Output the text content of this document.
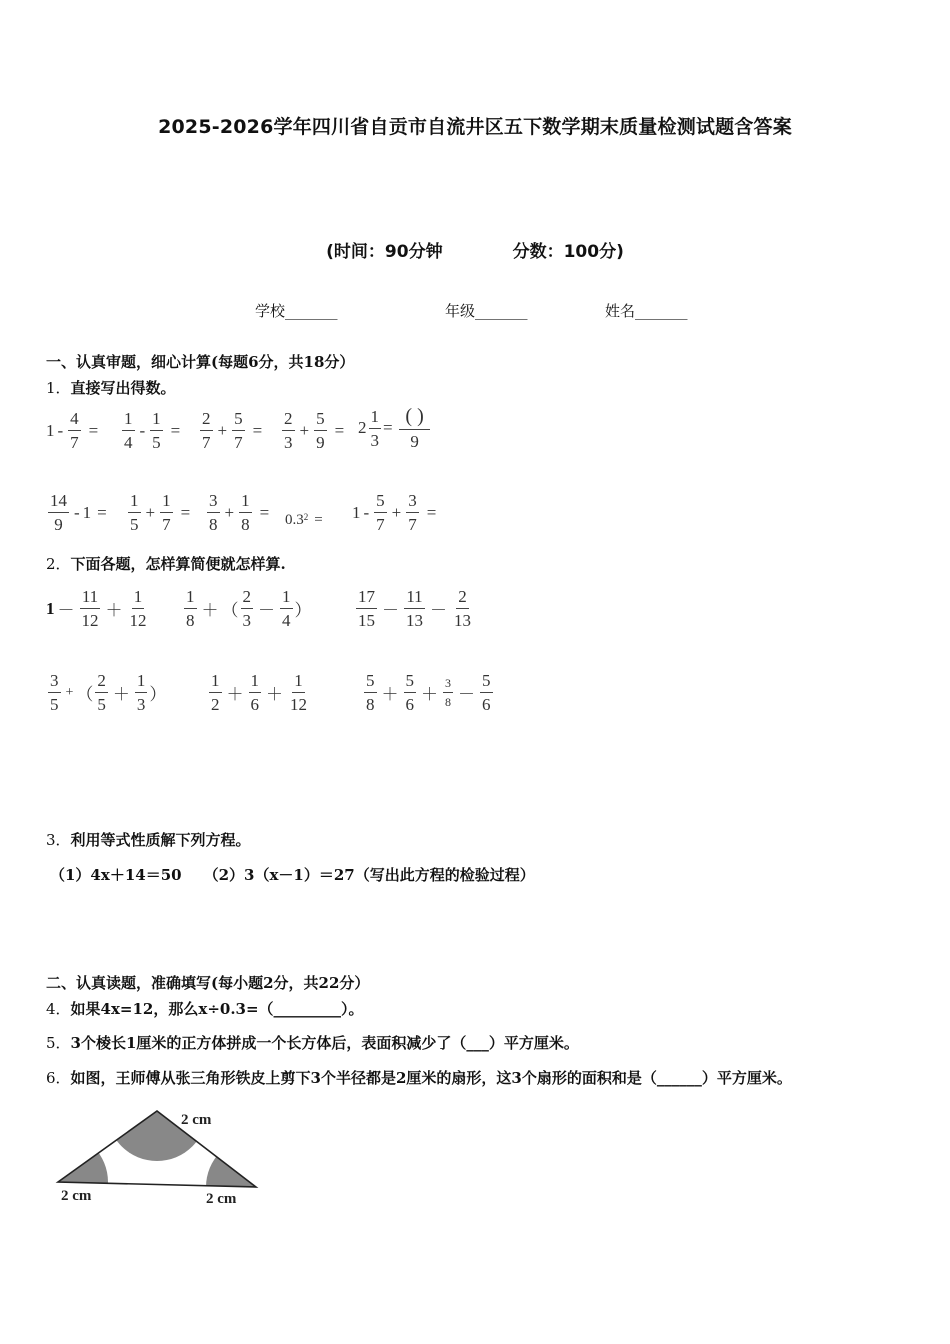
2025-2026学年四川省自贡市自流井区五下数学期末质量检测试题含答案
(时间：90分钟	分数：100分)
学校_______	年级_______	姓名_______
一、认真审题，细心计算(每题6分，共18分）
1．直接写出得数。
$1 - \frac{4}{7} = \frac{1}{4} - \frac{1}{5} = \frac{2}{7} + \frac{5}{7} = \frac{2}{3} + \frac{5}{9} = 2 \frac{1}{3} = \frac{( )}{9}$
$\frac{14}{9} - 1 = \frac{1}{5} + \frac{1}{7} = \frac{3}{8} + \frac{1}{8} = 0.3^2 = 1 - \frac{5}{7} + \frac{3}{7}$ =
2．下面各题，怎样算简便就怎样算.
$1 - \frac{11}{12} + \frac{1}{12} \frac{1}{8}$ ＋ （ $\frac{2}{3} - \frac{1}{4}$ ）	$\frac{17}{15} - \frac{11}{13} - \frac{2}{13}$
$\frac{3}{5}$ + （ $\frac{2}{5} + \frac{1}{3}$ ）	$\frac{1}{2} + \frac{1}{6} + \frac{1}{12}$	$\frac{5}{8} + \frac{5}{6} + \frac{3}{8} - \frac{5}{6}$
3．利用等式性质解下列方程。
（1）4x＋14＝50 （2）3（x－1）＝27（写出此方程的检验过程）
二、认真读题，准确填写(每小题2分，共22分）
4．如果4x=12，那么x÷0.3=（_________）。
5．3个棱长1厘米的正方体拼成一个长方体后，表面积减少了（___）平方厘米。
6．如图，王师傅从张三角形铁皮上剪下3个半径都是2厘米的扇形，这3个扇形的面积和是（______）平方厘米。
2 cm
2 cm	2 cm
